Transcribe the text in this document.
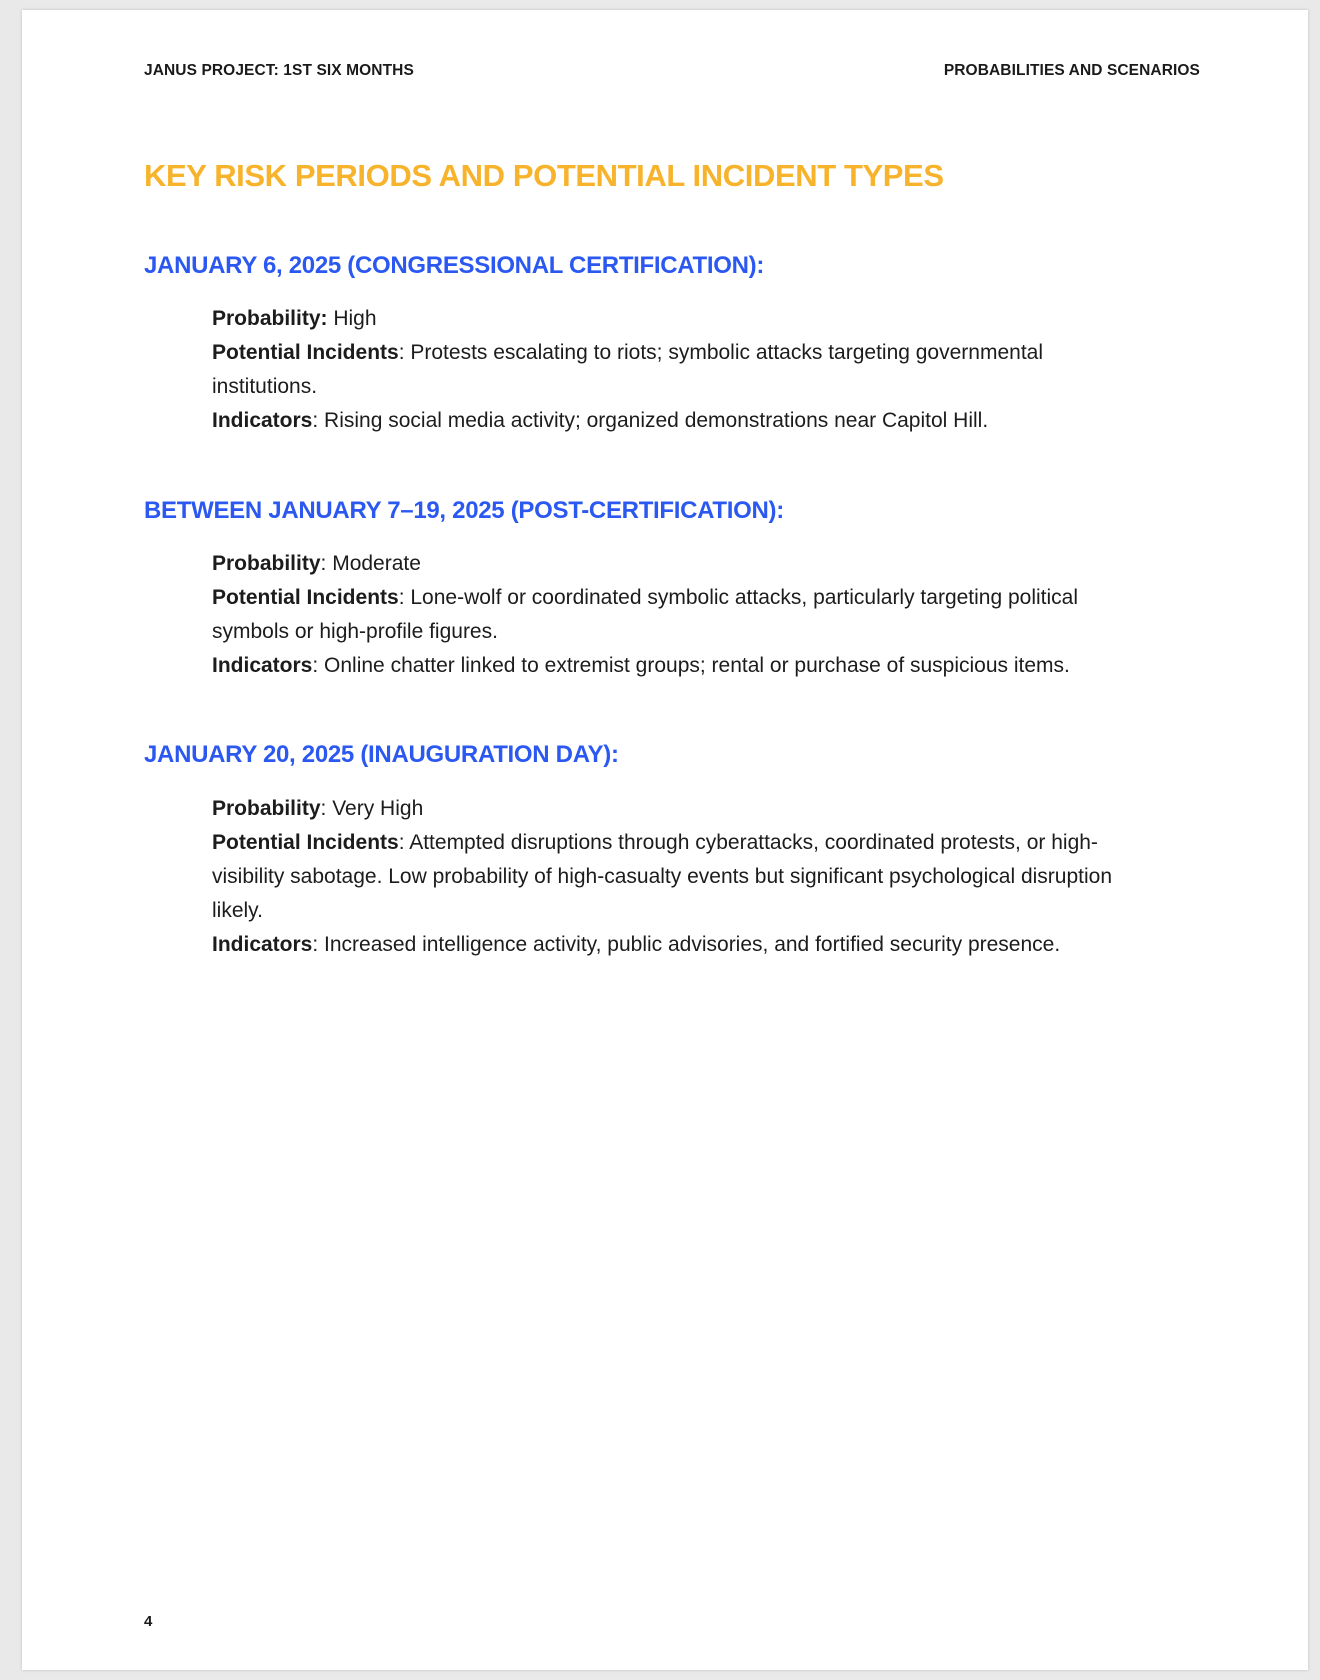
JANUS PROJECT: 1ST SIX MONTHS	PROBABILITIES AND SCENARIOS
KEY RISK PERIODS AND POTENTIAL INCIDENT TYPES
JANUARY 6, 2025 (CONGRESSIONAL CERTIFICATION):

Probability: High

Potential Incidents: Protests escalating to riots; symbolic attacks targeting governmental institutions.

Indicators: Rising social media activity; organized demonstrations near Capitol Hill.

BETWEEN JANUARY 7–19, 2025 (POST-CERTIFICATION):

Probability: Moderate

Potential Incidents: Lone-wolf or coordinated symbolic attacks, particularly targeting political symbols or high-profile figures.

Indicators: Online chatter linked to extremist groups; rental or purchase of suspicious items.

JANUARY 20, 2025 (INAUGURATION DAY):

Probability: Very High

Potential Incidents: Attempted disruptions through cyberattacks, coordinated protests, or high-visibility sabotage. Low probability of high-casualty events but significant psychological disruption likely.

Indicators: Increased intelligence activity, public advisories, and fortified security presence.

4
